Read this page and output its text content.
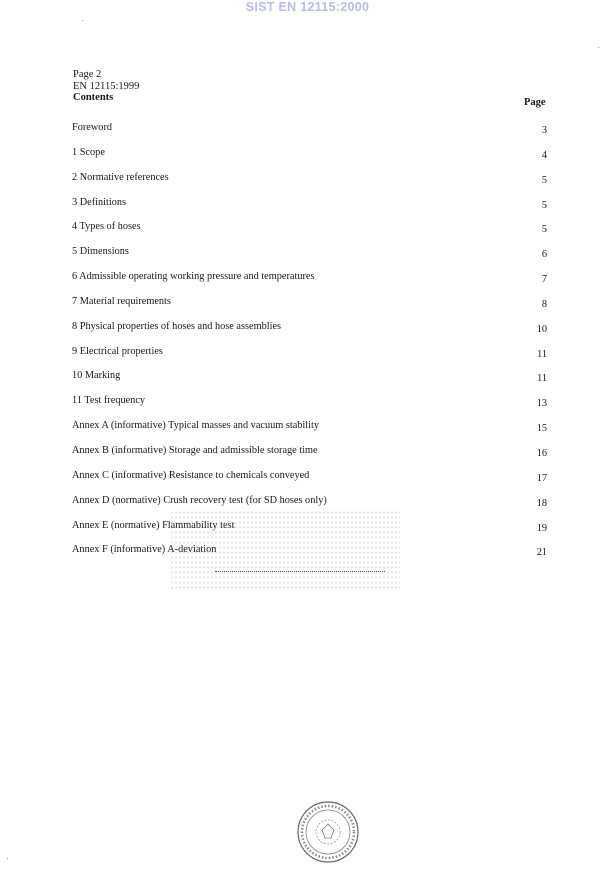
SIST EN 12115:2000
Page 2
EN 12115:1999
Contents	Page
Foreword	3
1 Scope	4
2 Normative references	5
3 Definitions	5
4 Types of hoses	5
5 Dimensions	6
6 Admissible operating working pressure and temperatures	7
7 Material requirements	8
8 Physical properties of hoses and hose assemblies	10
9 Electrical properties	11
10 Marking	11
11 Test frequency	13
Annex A (informative) Typical masses and vacuum stability	15
Annex B (informative) Storage and admissible storage time	16
Annex C (informative) Resistance to chemicals conveyed	17
Annex D (normative) Crush recovery test (for SD hoses only)	18
Annex E (normative) Flammability test	19
Annex F (informative) A-deviation	21
